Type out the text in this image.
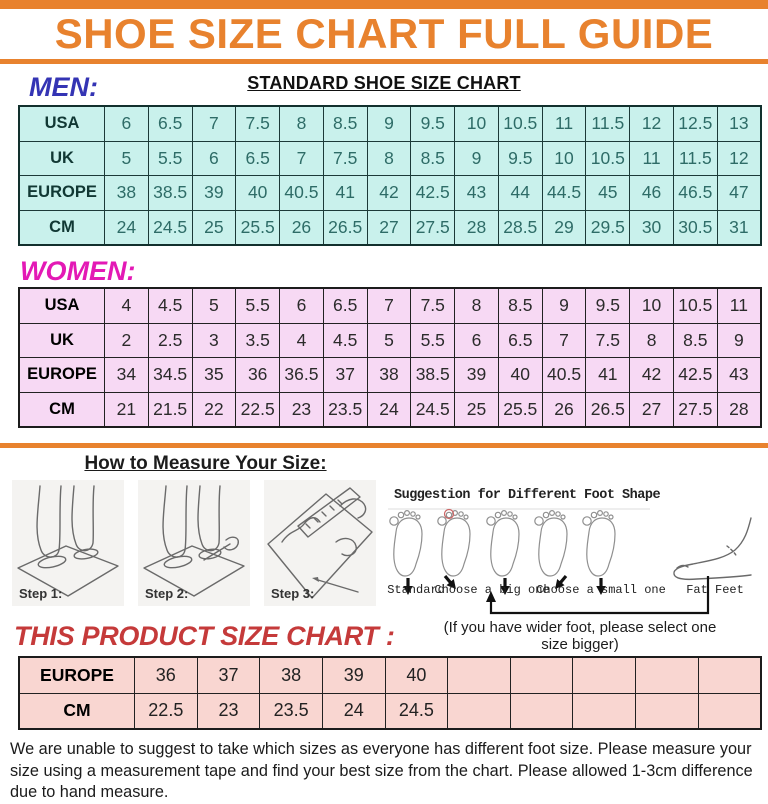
SHOE SIZE CHART FULL GUIDE
MEN:	STANDARD SHOE SIZE CHART
USA	6	6.5	7	7.5	8	8.5	9	9.5	10	10.5	11	11.5	12	12.5	13
UK	5	5.5	6	6.5	7	7.5	8	8.5	9	9.5	10	10.5	11	11.5	12
EUROPE	38	38.5	39	40	40.5	41	42	42.5	43	44	44.5	45	46	46.5	47
CM	24	24.5	25	25.5	26	26.5	27	27.5	28	28.5	29	29.5	30	30.5	31
WOMEN:
USA	4	4.5	5	5.5	6	6.5	7	7.5	8	8.5	9	9.5	10	10.5	11
UK	2	2.5	3	3.5	4	4.5	5	5.5	6	6.5	7	7.5	8	8.5	9
EUROPE	34	34.5	35	36	36.5	37	38	38.5	39	40	40.5	41	42	42.5	43
CM	21	21.5	22	22.5	23	23.5	24	24.5	25	25.5	26	26.5	27	27.5	28
How to Measure Your Size:
Step 1:	Step 2:	Step 3:
Suggestion for Different Foot Shape
Standard
Choose a big one
Choose a small one	Fat Feet
THIS PRODUCT SIZE CHART :	(If you have wider foot, please select one size bigger)
EUROPE	36	37	38	39	40					
CM	22.5	23	23.5	24	24.5					
We are unable to suggest to take which sizes as everyone has different foot size. Please measure your size using a measurement tape and find your best size from the chart. Please allowed 1-3cm difference due to hand measure.
